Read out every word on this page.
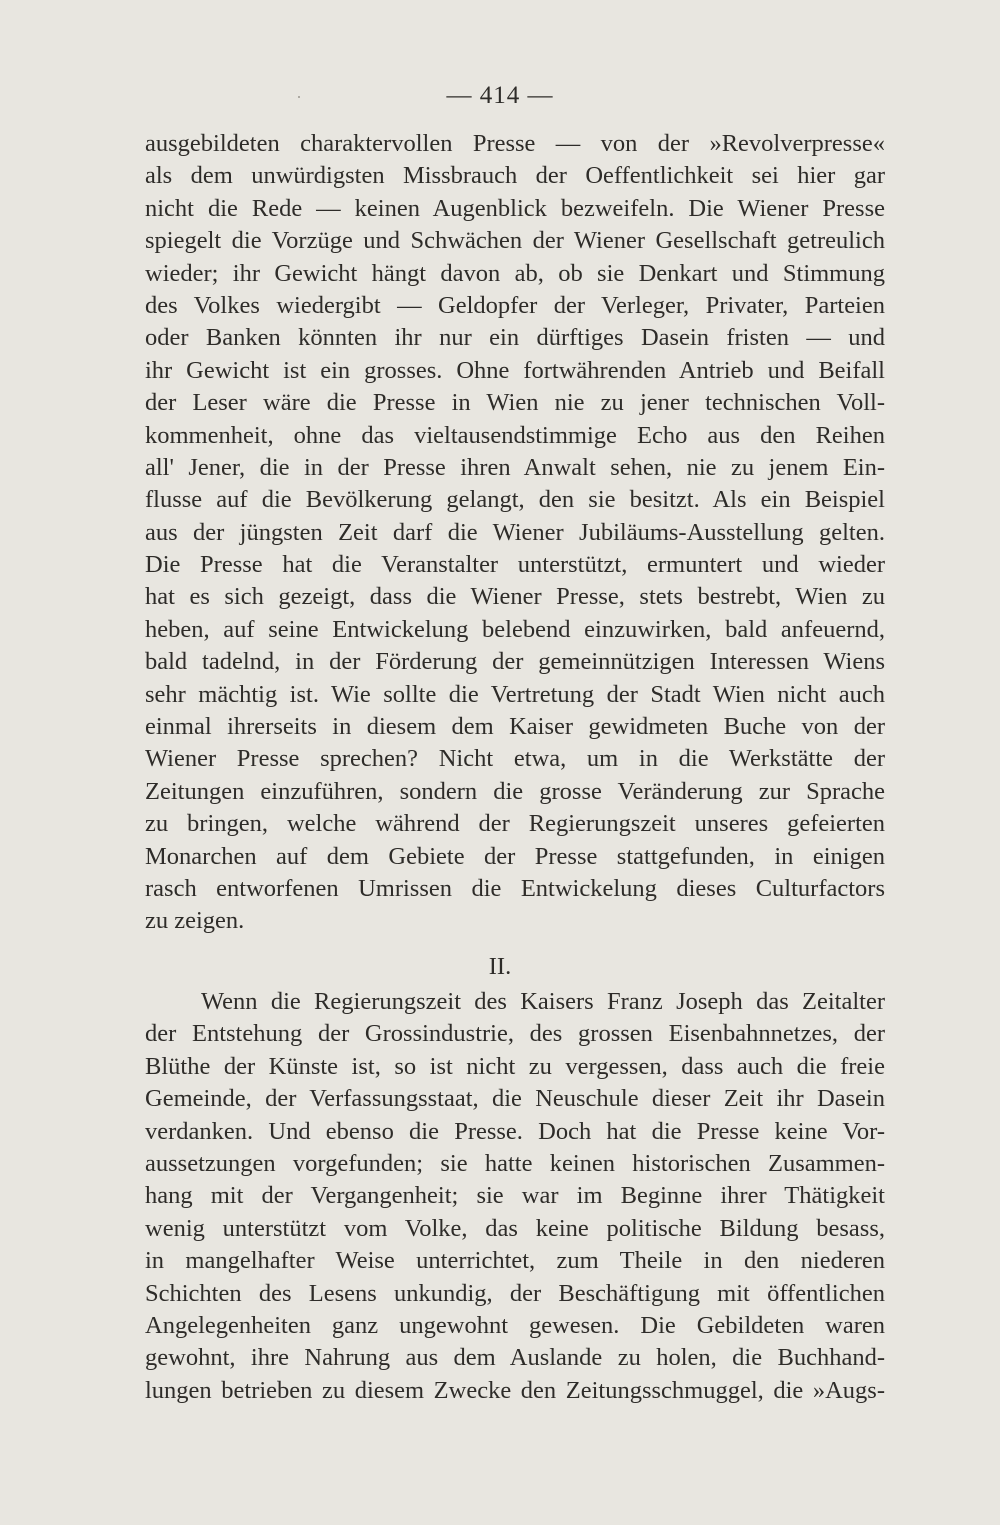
— 414 —
ausgebildeten charaktervollen Presse — von der »Revolverpresse«
als dem unwürdigsten Missbrauch der Oeffentlichkeit sei hier gar
nicht die Rede — keinen Augenblick bezweifeln. Die Wiener Presse
spiegelt die Vorzüge und Schwächen der Wiener Gesellschaft getreulich
wieder; ihr Gewicht hängt davon ab, ob sie Denkart und Stimmung
des Volkes wiedergibt — Geldopfer der Verleger, Privater, Parteien
oder Banken könnten ihr nur ein dürftiges Dasein fristen — und
ihr Gewicht ist ein grosses. Ohne fortwährenden Antrieb und Beifall
der Leser wäre die Presse in Wien nie zu jener technischen Voll-
kommenheit, ohne das vieltausendstimmige Echo aus den Reihen
all' Jener, die in der Presse ihren Anwalt sehen, nie zu jenem Ein-
flusse auf die Bevölkerung gelangt, den sie besitzt. Als ein Beispiel
aus der jüngsten Zeit darf die Wiener Jubiläums-Ausstellung gelten.
Die Presse hat die Veranstalter unterstützt, ermuntert und wieder
hat es sich gezeigt, dass die Wiener Presse, stets bestrebt, Wien zu
heben, auf seine Entwickelung belebend einzuwirken, bald anfeuernd,
bald tadelnd, in der Förderung der gemeinnützigen Interessen Wiens
sehr mächtig ist. Wie sollte die Vertretung der Stadt Wien nicht auch
einmal ihrerseits in diesem dem Kaiser gewidmeten Buche von der
Wiener Presse sprechen? Nicht etwa, um in die Werkstätte der
Zeitungen einzuführen, sondern die grosse Veränderung zur Sprache
zu bringen, welche während der Regierungszeit unseres gefeierten
Monarchen auf dem Gebiete der Presse stattgefunden, in einigen
rasch entworfenen Umrissen die Entwickelung dieses Culturfactors
zu zeigen.
II.
Wenn die Regierungszeit des Kaisers Franz Joseph das Zeitalter
der Entstehung der Grossindustrie, des grossen Eisenbahnnetzes, der
Blüthe der Künste ist, so ist nicht zu vergessen, dass auch die freie
Gemeinde, der Verfassungsstaat, die Neuschule dieser Zeit ihr Dasein
verdanken. Und ebenso die Presse. Doch hat die Presse keine Vor-
aussetzungen vorgefunden; sie hatte keinen historischen Zusammen-
hang mit der Vergangenheit; sie war im Beginne ihrer Thätigkeit
wenig unterstützt vom Volke, das keine politische Bildung besass,
in mangelhafter Weise unterrichtet, zum Theile in den niederen
Schichten des Lesens unkundig, der Beschäftigung mit öffentlichen
Angelegenheiten ganz ungewohnt gewesen. Die Gebildeten waren
gewohnt, ihre Nahrung aus dem Auslande zu holen, die Buchhand-
lungen betrieben zu diesem Zwecke den Zeitungsschmuggel, die »Augs-
